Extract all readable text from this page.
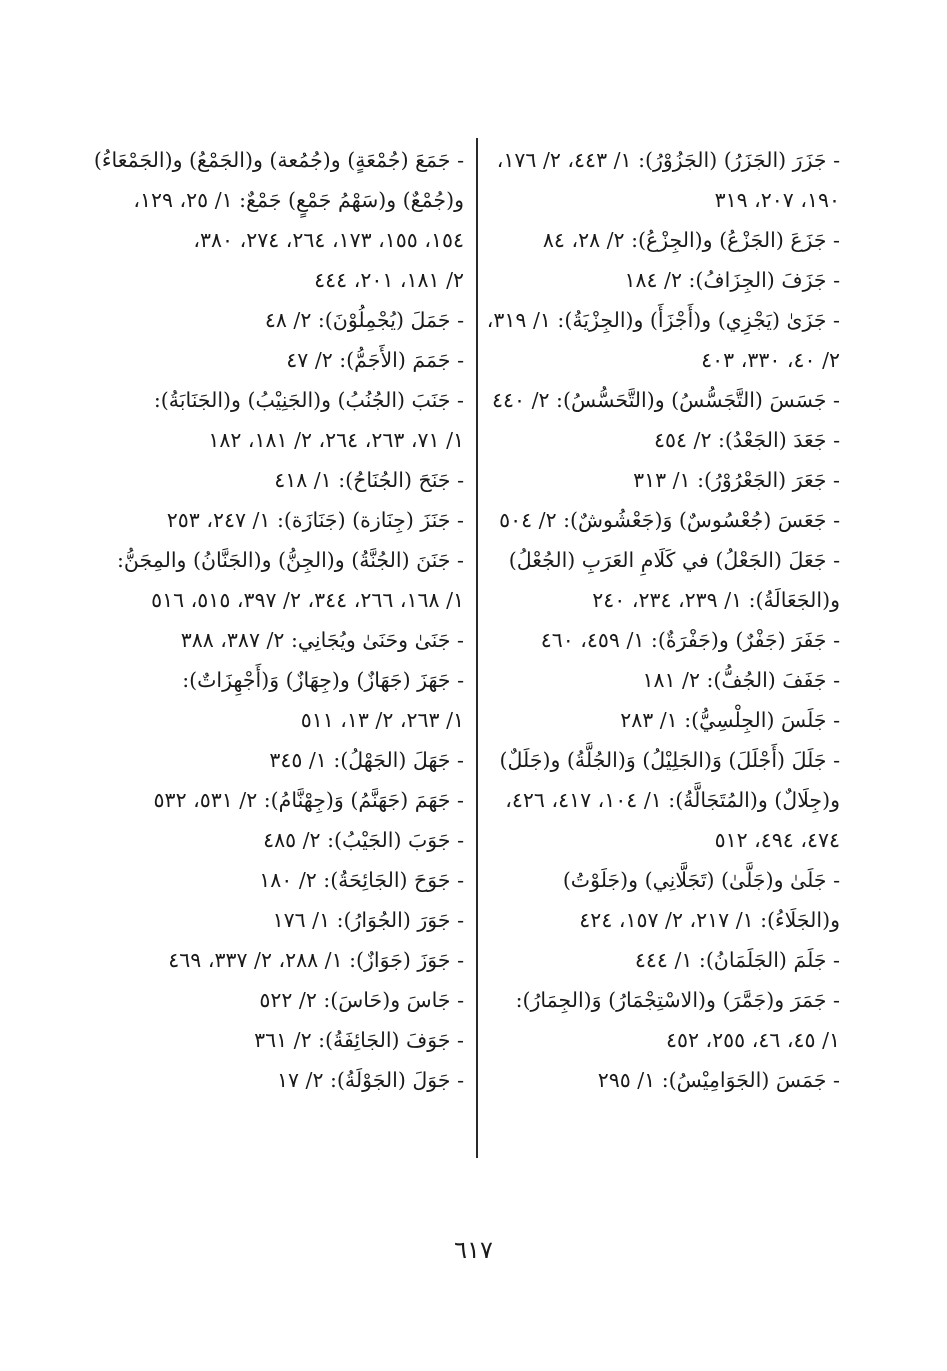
- جَزَرَ (الجَزَرُ) (الجَزُوْرُ): ١/ ٤٤٣، ٢/ ١٧٦،
١٩٠، ٢٠٧، ٣١٩
- جَزَعَ (الجَزْعُ) و(الجِزْعُ): ٢/ ٢٨، ٨٤
- جَزَفَ (الجِزَافُ): ٢/ ١٨٤
- جَزَىٰ (يَجْزِي) و(أَجْزَأَ) و(الجِزْيَةُ): ١/ ٣١٩،
٢/ ٤٠، ٣٣٠، ٤٠٣
- جَسَسَ (التَّجَسُّسُ) و(التَّحَسُّسُ): ٢/ ٤٤٠
- جَعَدَ (الجَعْدُ): ٢/ ٤٥٤
- جَعَرَ (الجَعْرُوْرُ): ١/ ٣١٣
- جَعَسَ (جُعْسُوسٌ) وَ(جَعْشُوشٌ): ٢/ ٥٠٤
- جَعَلَ (الجَعْلُ) في كَلَامِ العَرَبِ (الجُعْلُ)
و(الجَعَالَةُ): ١/ ٢٣٩، ٢٣٤، ٢٤٠
- جَفَرَ (جَفْرٌ) و(جَفْرَةٌ): ١/ ٤٥٩، ٤٦٠
- جَفَفَ (الجُفُّ): ٢/ ١٨١
- جَلَسَ (الجِلْسِيُّ): ١/ ٢٨٣
- جَلَلَ (أَجْلَلَ) وَ(الجَلِيْلُ) وَ(الجُلَّةُ) و(جَلَلٌ)
و(جِلَالٌ) و(المُتَجَالَّةُ): ١/ ١٠٤، ٤١٧، ٤٢٦،
٤٧٤، ٤٩٤، ٥١٢
- جَلَىٰ و(جَلَّىٰ) (تَجَلَّانِي) و(جَلَوْتُ)
و(الجَلَاءُ): ١/ ٢١٧، ٢/ ١٥٧، ٤٢٤
- جَلَمَ (الجَلَمَانُ): ١/ ٤٤٤
- جَمَرَ و(جَمَّرَ) و(الاسْتِجْمَارُ) وَ(الجِمَارُ):
١/ ٤٥، ٤٦، ٢٥٥، ٤٥٢
- جَمَسَ (الجَوَامِيْسُ): ١/ ٢٩٥
- جَمَعَ (جُمْعَةٍ) و(جُمُعة) و(الجَمْعُ) و(الجَمْعَاءُ)
و(جُمْعٌ) و(سَهْمُ جَمْعٍ) جَمْعٌ: ١/ ٢٥، ١٢٩،
١٥٤، ١٥٥، ١٧٣، ٢٦٤، ٢٧٤، ٣٨٠،
٢/ ١٨١، ٢٠١، ٤٤٤
- جَمَلَ (يُجْمِلُوْنَ): ٢/ ٤٨
- جَمَمَ (الأَجَمُّ): ٢/ ٤٧
- جَنَبَ (الجُنُبُ) و(الجَنِيْبُ) و(الجَنَابَةُ):
١/ ٧١، ٢٦٣، ٢٦٤، ٢/ ١٨١، ١٨٢
- جَنَحَ (الجُنَاحُ): ١/ ٤١٨
- جَنَزَ (جِنَازة) (جَنَازَة): ١/ ٢٤٧، ٢٥٣
- جَنَنَ (الجُنَّةُ) و(الجِنُّ) و(الجَنَّانُ) والمِجَنُّ:
١/ ١٦٨، ٢٦٦، ٣٤٤، ٢/ ٣٩٧، ٥١٥، ٥١٦
- جَنَىٰ وحَنَىٰ ويُجَانِي: ٢/ ٣٨٧، ٣٨٨
- جَهَزَ (جَهَازٌ) و(جِهَازٌ) وَ(أَجْهِزَاتٌ):
١/ ٢٦٣، ٢/ ١٣، ٥١١
- جَهَلَ (الجَهْلُ): ١/ ٣٤٥
- جَهَمَ (جَهَنَّمُ) وَ(جِهْنَّامُ): ٢/ ٥٣١، ٥٣٢
- جَوَبَ (الجَيْبُ): ٢/ ٤٨٥
- جَوَحَ (الجَائِحَةُ): ٢/ ١٨٠
- جَوَرَ (الجُوَارُ): ١/ ١٧٦
- جَوَزَ (جَوَازٌ): ١/ ٢٨٨، ٢/ ٣٣٧، ٤٦٩
- جَاسَ و(حَاسَ): ٢/ ٥٢٢
- جَوَفَ (الجَائِفَةُ): ٢/ ٣٦١
- جَوَلَ (الجَوْلَةُ): ٢/ ١٧
٦١٧
